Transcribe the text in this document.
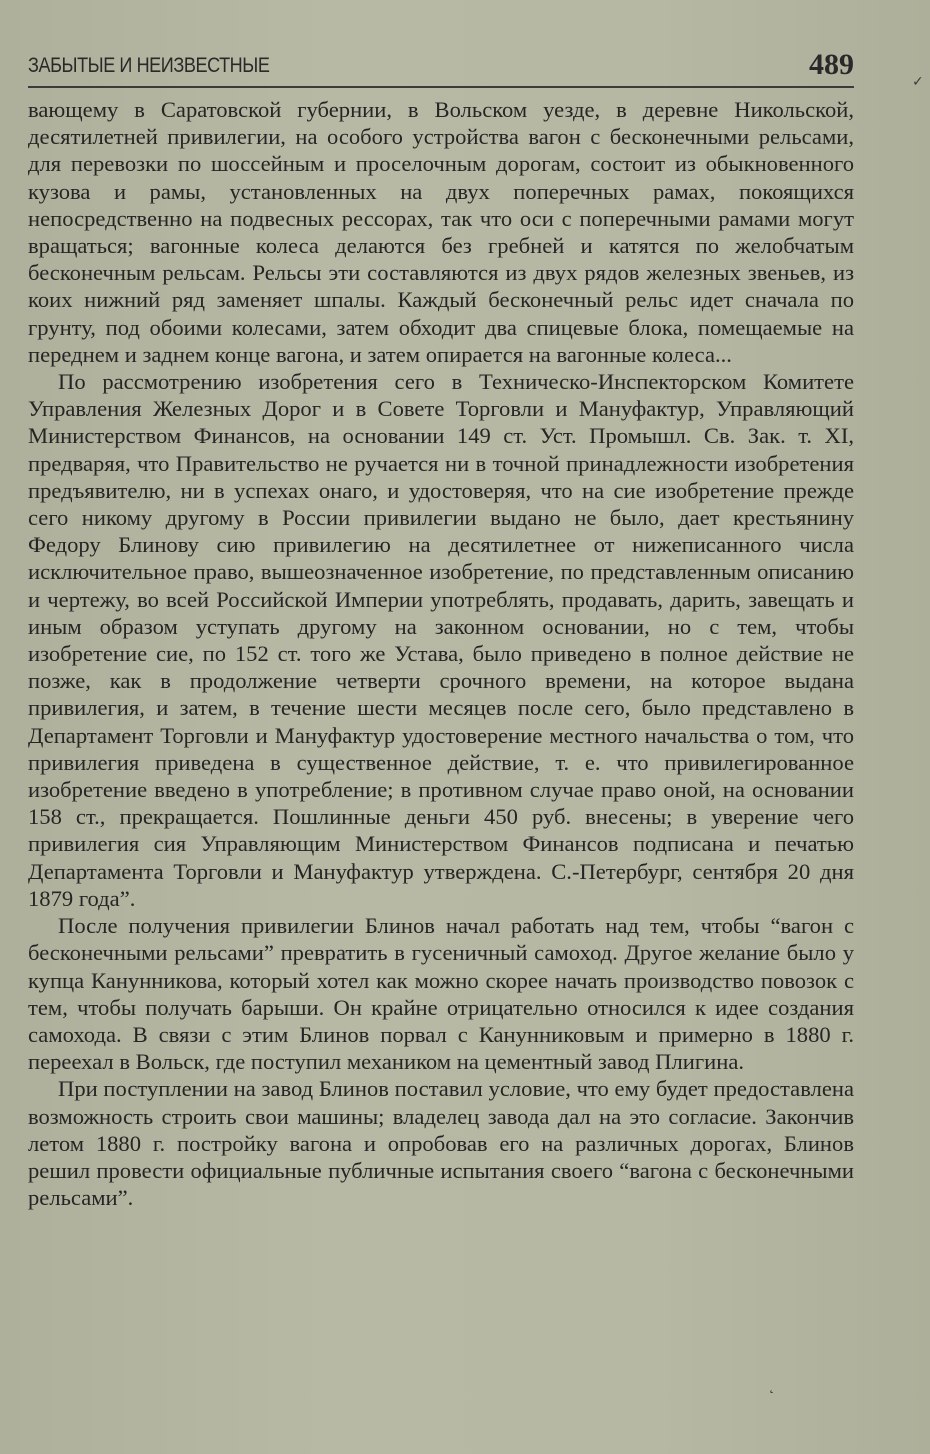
ЗАБЫТЫЕ И НЕИЗВЕСТНЫЕ	489

вающему в Саратовской губернии, в Вольском уезде, в деревне Никольской, десятилетней привилегии, на особого устройства вагон с бесконечными рельсами, для перевозки по шоссейным и проселочным дорогам, состоит из обыкновенного кузова и рамы, установленных на двух поперечных рамах, покоящихся непосредственно на подвесных рессорах, так что оси с поперечными рамами могут вращаться; вагонные колеса делаются без гребней и катятся по желобчатым бесконечным рельсам. Рельсы эти составляются из двух рядов железных звеньев, из коих нижний ряд заменяет шпалы. Каждый бесконечный рельс идет сначала по грунту, под обоими колесами, затем обходит два спицевые блока, помещаемые на переднем и заднем конце вагона, и затем опирается на вагонные колеса...

По рассмотрению изобретения сего в Техническо-Инспекторском Комитете Управления Железных Дорог и в Совете Торговли и Мануфактур, Управляющий Министерством Финансов, на основании 149 ст. Уст. Промышл. Св. Зак. т. XI, предваряя, что Правительство не ручается ни в точной принадлежности изобретения предъявителю, ни в успехах онаго, и удостоверяя, что на сие изобретение прежде сего никому другому в России привилегии выдано не было, дает крестьянину Федору Блинову сию привилегию на десятилетнее от нижеписанного числа исключительное право, вышеозначенное изобретение, по представленным описанию и чертежу, во всей Российской Империи употреблять, продавать, дарить, завещать и иным образом уступать другому на законном основании, но с тем, чтобы изобретение сие, по 152 ст. того же Устава, было приведено в полное действие не позже, как в продолжение четверти срочного времени, на которое выдана привилегия, и затем, в течение шести месяцев после сего, было представлено в Департамент Торговли и Мануфактур удостоверение местного начальства о том, что привилегия приведена в существенное действие, т. е. что привилегированное изобретение введено в употребление; в противном случае право оной, на основании 158 ст., прекращается. Пошлинные деньги 450 руб. внесены; в уверение чего привилегия сия Управляющим Министерством Финансов подписана и печатью Департамента Торговли и Мануфактур утверждена. С.-Петербург, сентября 20 дня 1879 года”.

После получения привилегии Блинов начал работать над тем, чтобы “вагон с бесконечными рельсами” превратить в гусеничный самоход. Другое желание было у купца Канунникова, который хотел как можно скорее начать производство повозок с тем, чтобы получать барыши. Он крайне отрицательно относился к идее создания самохода. В связи с этим Блинов порвал с Канунниковым и примерно в 1880 г. переехал в Вольск, где поступил механиком на цементный завод Плигина.

При поступлении на завод Блинов поставил условие, что ему будет предоставлена возможность строить свои машины; владелец завода дал на это согласие. Закончив летом 1880 г. постройку вагона и опробовав его на различных дорогах, Блинов решил провести официальные публичные испытания своего “вагона с бесконечными рельсами”.

✓
˛
